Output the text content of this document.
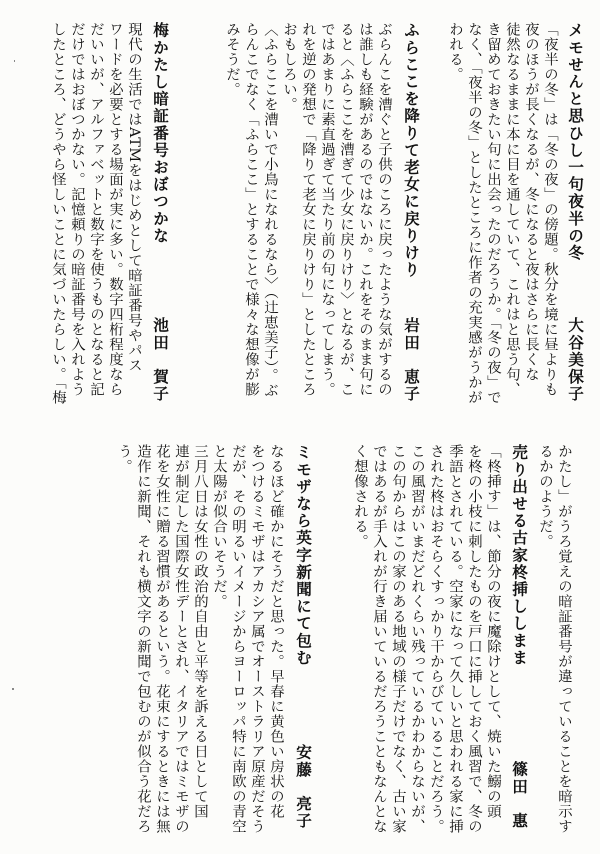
メモせんと思ひし一句夜半の冬
大谷美保子
「夜半の冬」は「冬の夜」の傍題。秋分を境に昼よりも
夜のほうが長くなるが、冬になると夜はさらに長くな
徒然なるままに本に目を通していて、これはと思う句、
き留めておきたい句に出会ったのだろうか。「冬の夜」で
なく、「夜半の冬」としたところに作者の充実感がうかが
われる。
ふらここを降りて老女に戻りけり
岩田　恵子
ぶらんこを漕ぐと子供のころに戻ったような気がするの
は誰しも経験があるのではないか。これをそのまま句に
ると〈ふらここを漕ぎて少女に戻りけり〉となるが、こ
ではあまりに素直過ぎて当たり前の句になってしまう。
れを逆の発想で「降りて老女に戻りけり」としたところ
おもしろい。
〈ふらここを漕いで小鳥になれるなら〉（辻恵美子）。ぶ
らんこでなく「ふらここ」とすることで様々な想像が膨
みそうだ。
梅かたし暗証番号おぼつかな
池田　賀子
現代の生活ではATMをはじめとして暗証番号やパス
ワードを必要とする場面が実に多い。数字四桁程度なら
だいいが、アルファベットと数字を使うものとなると記
だけではおぼつかない。記憶頼りの暗証番号を入れよう
したところ、どうやら怪しいことに気づいたらしい。「梅
かたし」がうろ覚えの暗証番号が違っていることを暗示す
るかのようだ。
売り出せる古家柊挿ししまま
篠田　惠
「柊挿す」は、節分の夜に魔除けとして、焼いた鰯の頭
を柊の小枝に刺したものを戸口に挿しておく風習で、冬の
季語とされている。空家になって久しいと思われる家に挿
された柊はおそらくすっかり干からびていることだろう。
この風習がいまだどれくらい残っているかわからないが、
この句からはこの家のある地域の様子だけでなく、古い家
ではあるが手入れが行き届いているだろうこともなんとな
く想像される。
ミモザなら英字新聞にて包む
安藤　亮子
なるほど確かにそうだと思った。早春に黄色い房状の花
をつけるミモザはアカシア属でオーストラリア原産だそう
だが、その明るいイメージからヨーロッパ特に南欧の青空
と太陽が似合いそうだ。
三月八日は女性の政治的自由と平等を訴える日として国
連が制定した国際女性デーとされ、イタリアではミモザの
花を女性に贈る習慣があるという。花束にするときには無
造作に新聞、それも横文字の新聞で包むのが似合う花だろ
う。
